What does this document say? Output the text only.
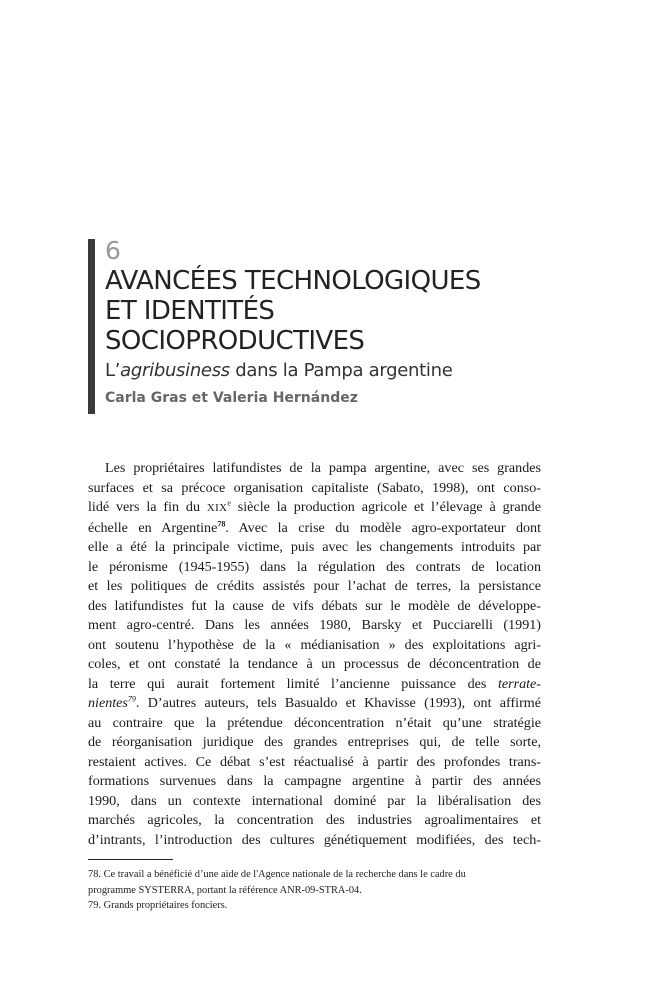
6
AVANCÉES TECHNOLOGIQUES
ET IDENTITÉS
SOCIOPRODUCTIVES
L’agribusiness dans la Pampa argentine
Carla Gras et Valeria Hernández
Les propriétaires latifundistes de la pampa argentine, avec ses grandes
surfaces et sa précoce organisation capitaliste (Sabato, 1998), ont conso-
lidé vers la fin du XIXe siècle la production agricole et l’élevage à grande
échelle en Argentine$^{78}$. Avec la crise du modèle agro-exportateur dont
elle a été la principale victime, puis avec les changements introduits par
le péronisme (1945-1955) dans la régulation des contrats de location
et les politiques de crédits assistés pour l’achat de terres, la persistance
des latifundistes fut la cause de vifs débats sur le modèle de développe-
ment agro-centré. Dans les années 1980, Barsky et Pucciarelli (1991)
ont soutenu l’hypothèse de la « médianisation » des exploitations agri-
coles, et ont constaté la tendance à un processus de déconcentration de
la terre qui aurait fortement limité l’ancienne puissance des terrate-
nientes$^{79}$. D’autres auteurs, tels Basualdo et Khavisse (1993), ont affirmé
au contraire que la prétendue déconcentration n’était qu’une stratégie
de réorganisation juridique des grandes entreprises qui, de telle sorte,
restaient actives. Ce débat s’est réactualisé à partir des profondes trans-
formations survenues dans la campagne argentine à partir des années
1990, dans un contexte international dominé par la libéralisation des
marchés agricoles, la concentration des industries agroalimentaires et
d’intrants, l’introduction des cultures génétiquement modifiées, des tech-
78. Ce travail a bénéficié d’une aide de l'Agence nationale de la recherche dans le cadre du
programme SYSTERRA, portant la référence ANR-09-STRA-04.
79. Grands propriétaires fonciers.
